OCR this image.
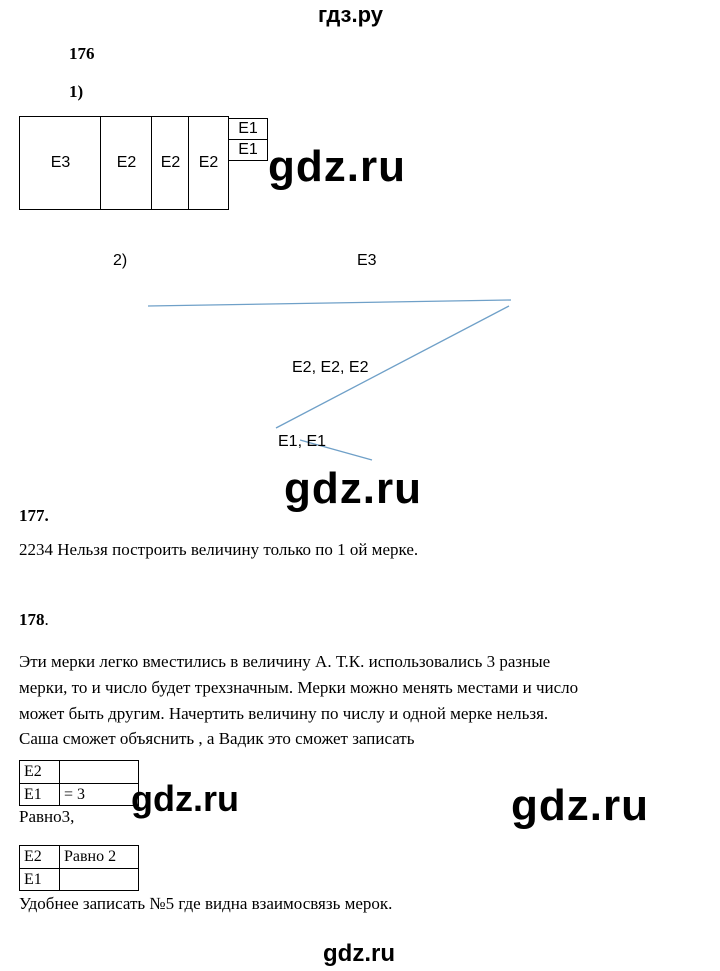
гдз.ру
176
1)
Е3	Е2	Е2	Е2
Е1
Е1 gdz.ru
2)	Е3
Е2, Е2, Е2
Е1, Е1
gdz.ru
177.
2234 Нельзя построить величину только по 1 ой мерке.
178.
Эти мерки легко вместились в величину А. Т.К. использовались 3 разные
мерки, то и число будет трехзначным. Мерки можно менять местами и число
может быть другим. Начертить величину по числу и одной мерке нельзя.
Саша сможет объяснить , а Вадик это сможет записать
Е2
Е1	= 3
Равно3, gdz.ru	gdz.ru
Е2	Равно 2
Е1
Удобнее записать №5 где видна взаимосвязь мерок.
gdz.ru
